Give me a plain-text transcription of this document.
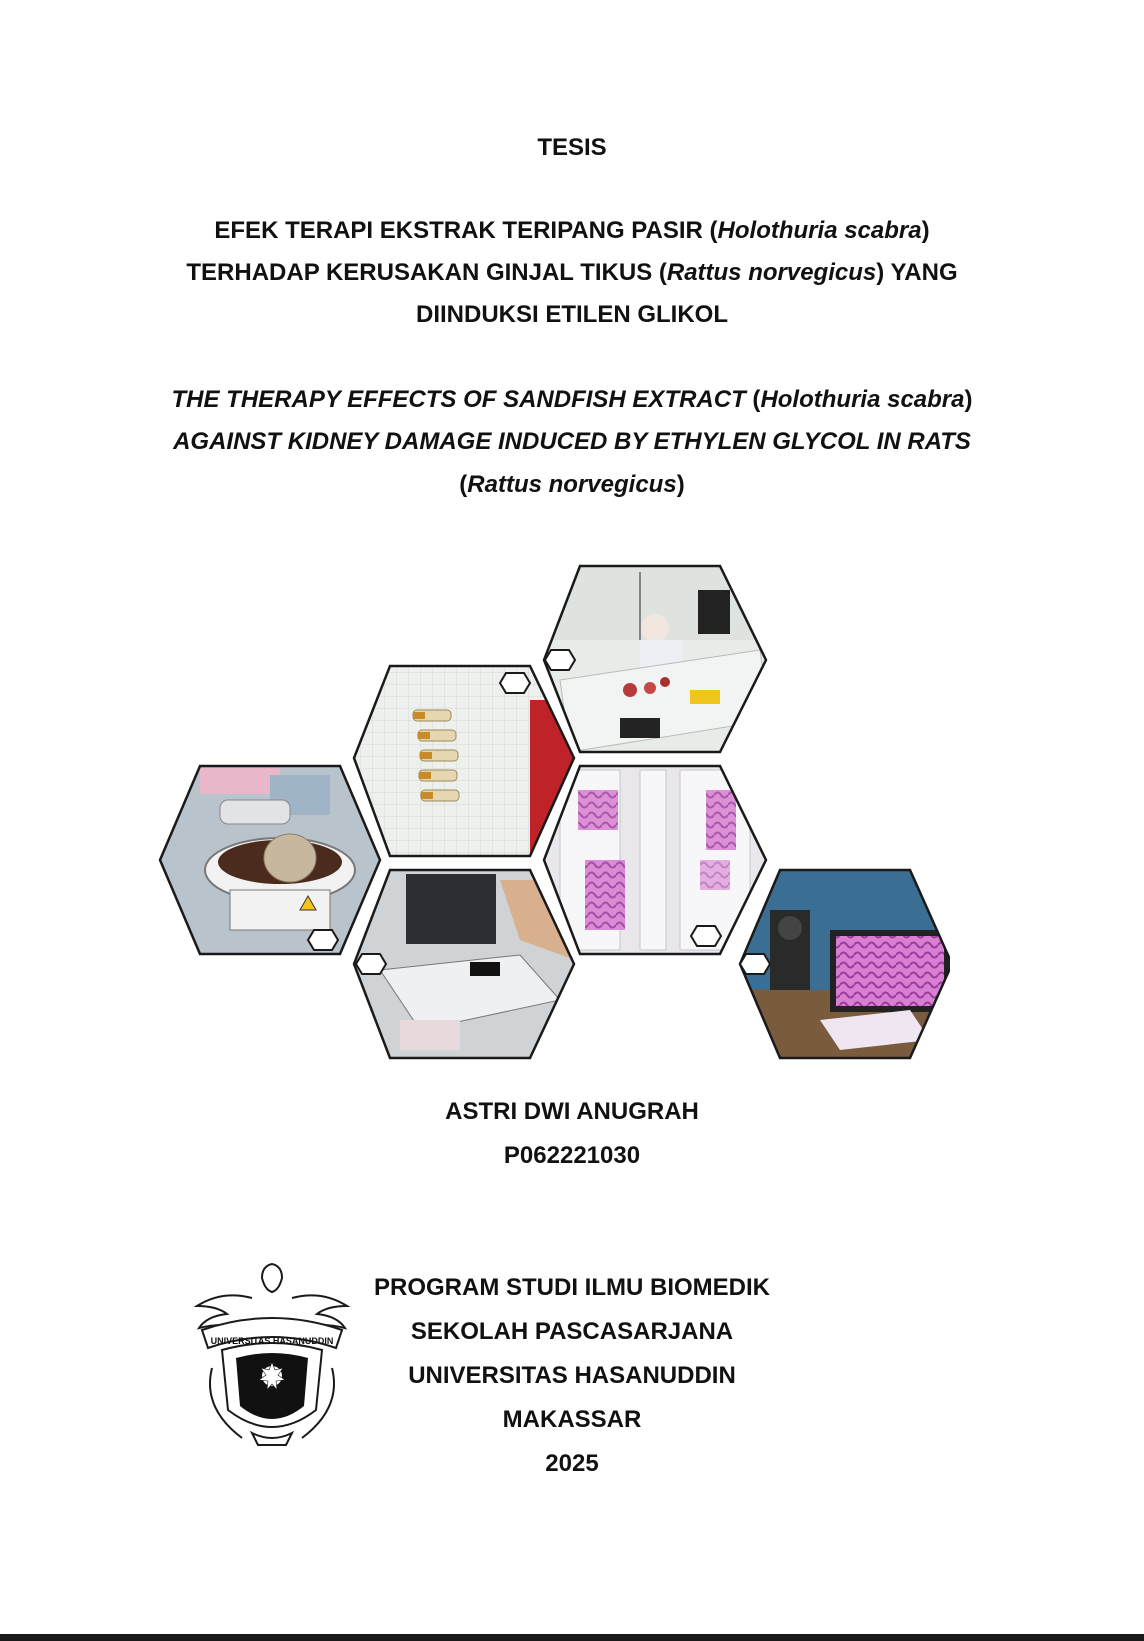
TESIS
EFEK TERAPI EKSTRAK TERIPANG PASIR (Holothuria scabra)
TERHADAP KERUSAKAN GINJAL TIKUS (Rattus norvegicus) YANG
DIINDUKSI ETILEN GLIKOL
THE THERAPY EFFECTS OF SANDFISH EXTRACT (Holothuria scabra)
AGAINST KIDNEY DAMAGE INDUCED BY ETHYLEN GLYCOL IN RATS
(Rattus norvegicus)
ASTRI DWI ANUGRAH
P062221030
UNIVERSITAS HASANUDDIN
PROGRAM STUDI ILMU BIOMEDIK
SEKOLAH PASCASARJANA
UNIVERSITAS HASANUDDIN
MAKASSAR
2025
